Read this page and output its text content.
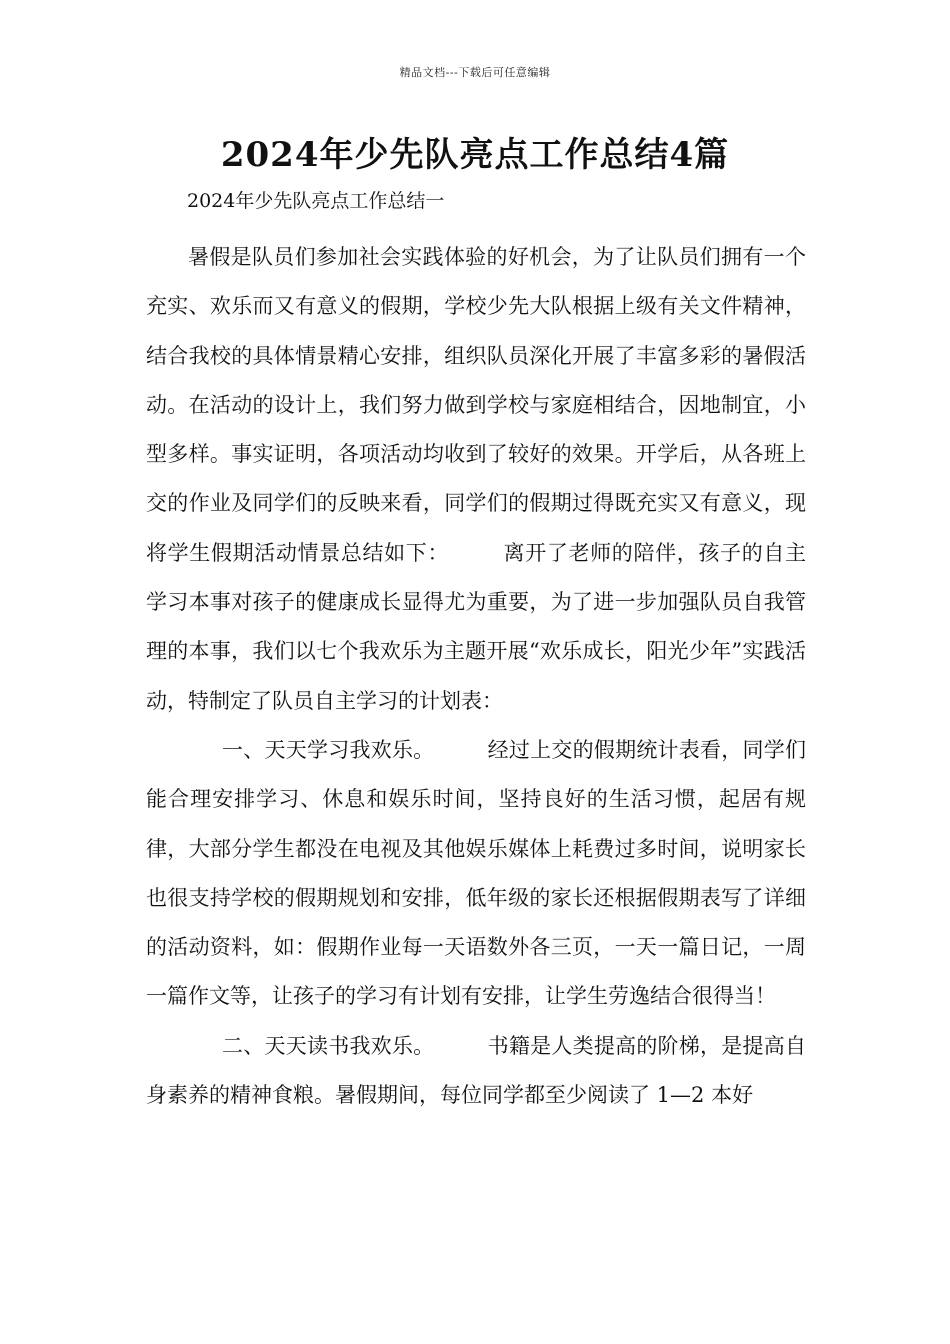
精品文档---下载后可任意编辑
2024年少先队亮点工作总结4篇
2024年少先队亮点工作总结一

暑假是队员们参加社会实践体验的好机会，为了让队员们拥有一个充实、欢乐而又有意义的假期，学校少先大队根据上级有关文件精神，结合我校的具体情景精心安排，组织队员深化开展了丰富多彩的暑假活动。在活动的设计上，我们努力做到学校与家庭相结合，因地制宜，小型多样。事实证明，各项活动均收到了较好的效果。开学后，从各班上交的作业及同学们的反映来看，同学们的假期过得既充实又有意义，现将学生假期活动情景总结如下：　　　离开了老师的陪伴，孩子的自主学习本事对孩子的健康成长显得尤为重要，为了进一步加强队员自我管理的本事，我们以七个我欢乐为主题开展“欢乐成长，阳光少年”实践活动，特制定了队员自主学习的计划表：

一、天天学习我欢乐。　　　经过上交的假期统计表看，同学们能合理安排学习、休息和娱乐时间，坚持良好的生活习惯，起居有规律，大部分学生都没在电视及其他娱乐媒体上耗费过多时间，说明家长也很支持学校的假期规划和安排，低年级的家长还根据假期表写了详细的活动资料，如：假期作业每一天语数外各三页，一天一篇日记，一周一篇作文等，让孩子的学习有计划有安排，让学生劳逸结合很得当！

二、天天读书我欢乐。　　　书籍是人类提高的阶梯，是提高自身素养的精神食粮。暑假期间，每位同学都至少阅读了 1—2 本好
